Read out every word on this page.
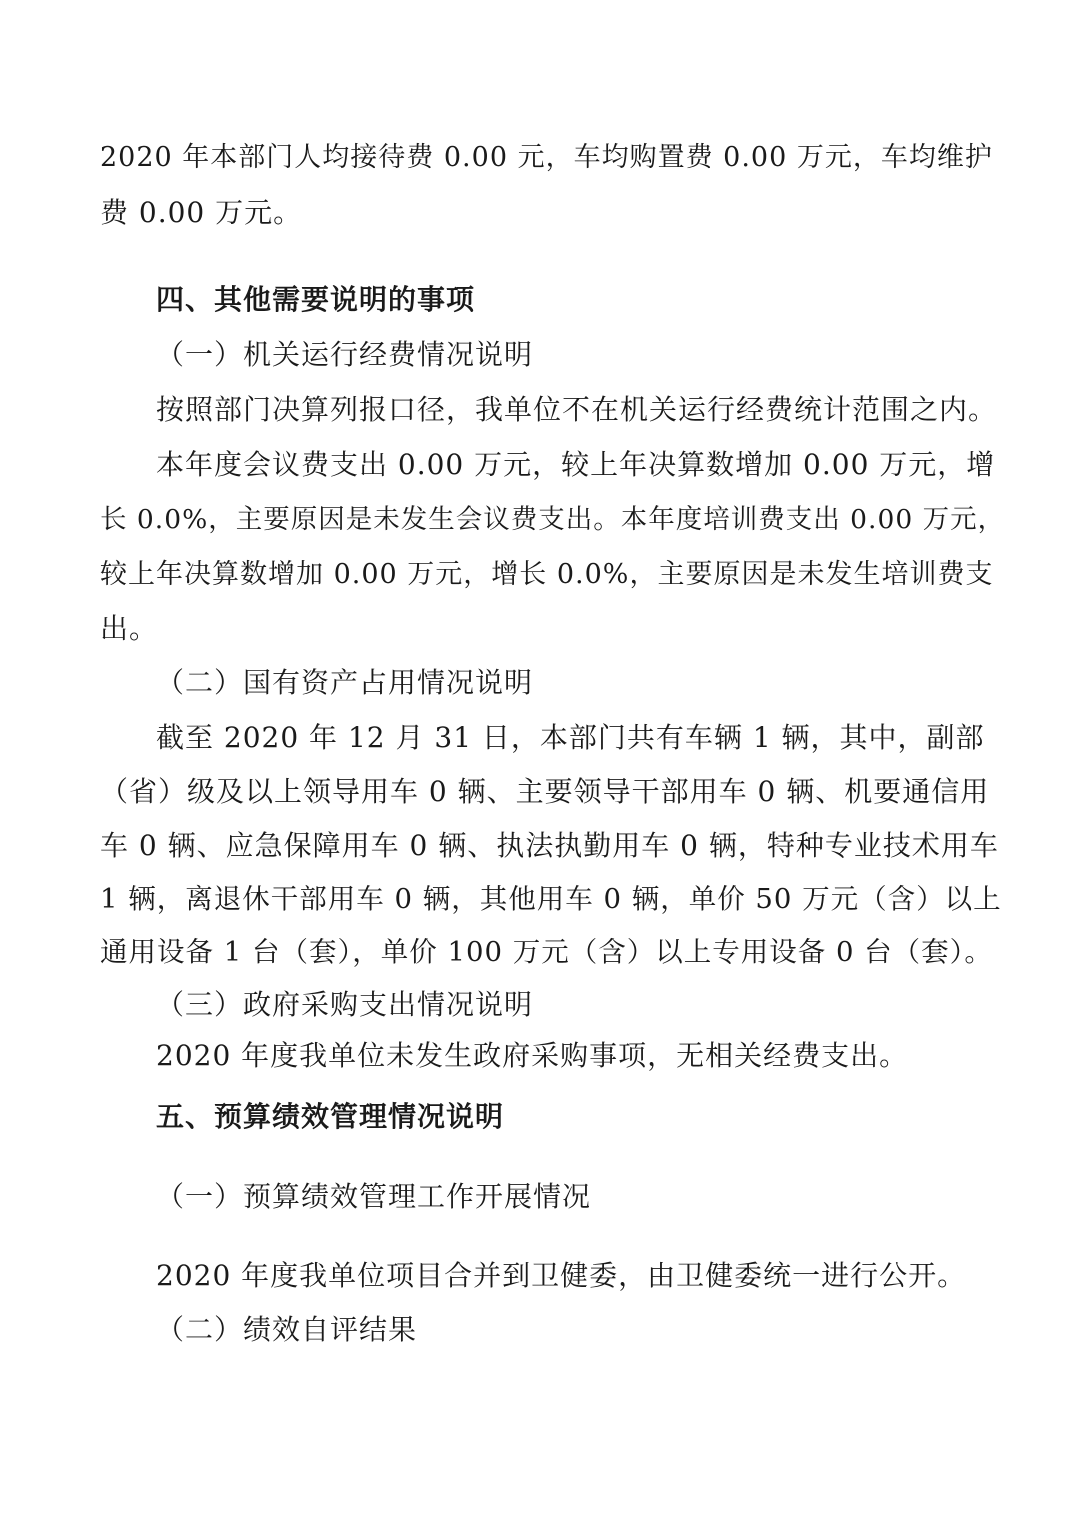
2020 年本部门人均接待费 0.00 元，车均购置费 0.00 万元，车均维护
费 0.00 万元。
四、其他需要说明的事项
（一）机关运行经费情况说明
按照部门决算列报口径，我单位不在机关运行经费统计范围之内。
本年度会议费支出 0.00 万元，较上年决算数增加 0.00 万元，增
长 0.0%，主要原因是未发生会议费支出。本年度培训费支出 0.00 万元，
较上年决算数增加 0.00 万元，增长 0.0%，主要原因是未发生培训费支
出。
（二）国有资产占用情况说明
截至 2020 年 12 月 31 日，本部门共有车辆 1 辆，其中，副部
（省）级及以上领导用车 0 辆、主要领导干部用车 0 辆、机要通信用
车 0 辆、应急保障用车 0 辆、执法执勤用车 0 辆，特种专业技术用车
1 辆，离退休干部用车 0 辆，其他用车 0 辆，单价 50 万元（含）以上
通用设备 1 台（套），单价 100 万元（含）以上专用设备 0 台（套）。
（三）政府采购支出情况说明
2020 年度我单位未发生政府采购事项，无相关经费支出。
五、预算绩效管理情况说明
（一）预算绩效管理工作开展情况
2020 年度我单位项目合并到卫健委，由卫健委统一进行公开。
（二）绩效自评结果
